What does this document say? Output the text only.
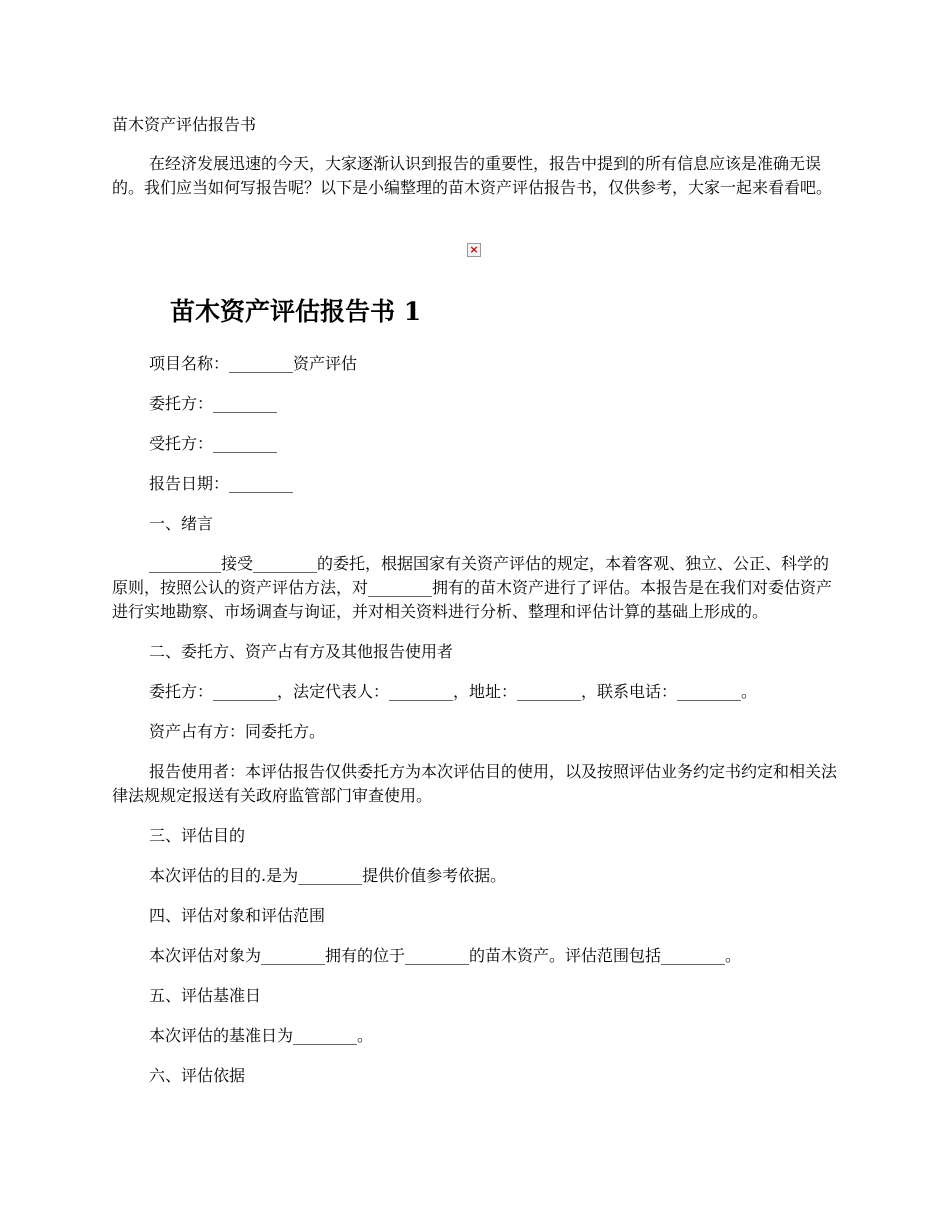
苗木资产评估报告书

在经济发展迅速的今天，大家逐渐认识到报告的重要性，报告中提到的所有信息应该是准确无误的。我们应当如何写报告呢？以下是小编整理的苗木资产评估报告书，仅供参考，大家一起来看看吧。

×
苗木资产评估报告书 1

项目名称：________资产评估

委托方：________

受托方：________

报告日期：________

一、绪言

_________接受________的委托，根据国家有关资产评估的规定，本着客观、独立、公正、科学的原则，按照公认的资产评估方法，对________拥有的苗木资产进行了评估。本报告是在我们对委估资产进行实地勘察、市场调查与询证，并对相关资料进行分析、整理和评估计算的基础上形成的。

二、委托方、资产占有方及其他报告使用者

委托方：________，法定代表人：________，地址：________，联系电话：________。

资产占有方：同委托方。

报告使用者：本评估报告仅供委托方为本次评估目的使用，以及按照评估业务约定书约定和相关法律法规规定报送有关政府监管部门审查使用。

三、评估目的

本次评估的目的.是为________提供价值参考依据。

四、评估对象和评估范围

本次评估对象为________拥有的位于________的苗木资产。评估范围包括________。

五、评估基准日

本次评估的基准日为________。

六、评估依据
